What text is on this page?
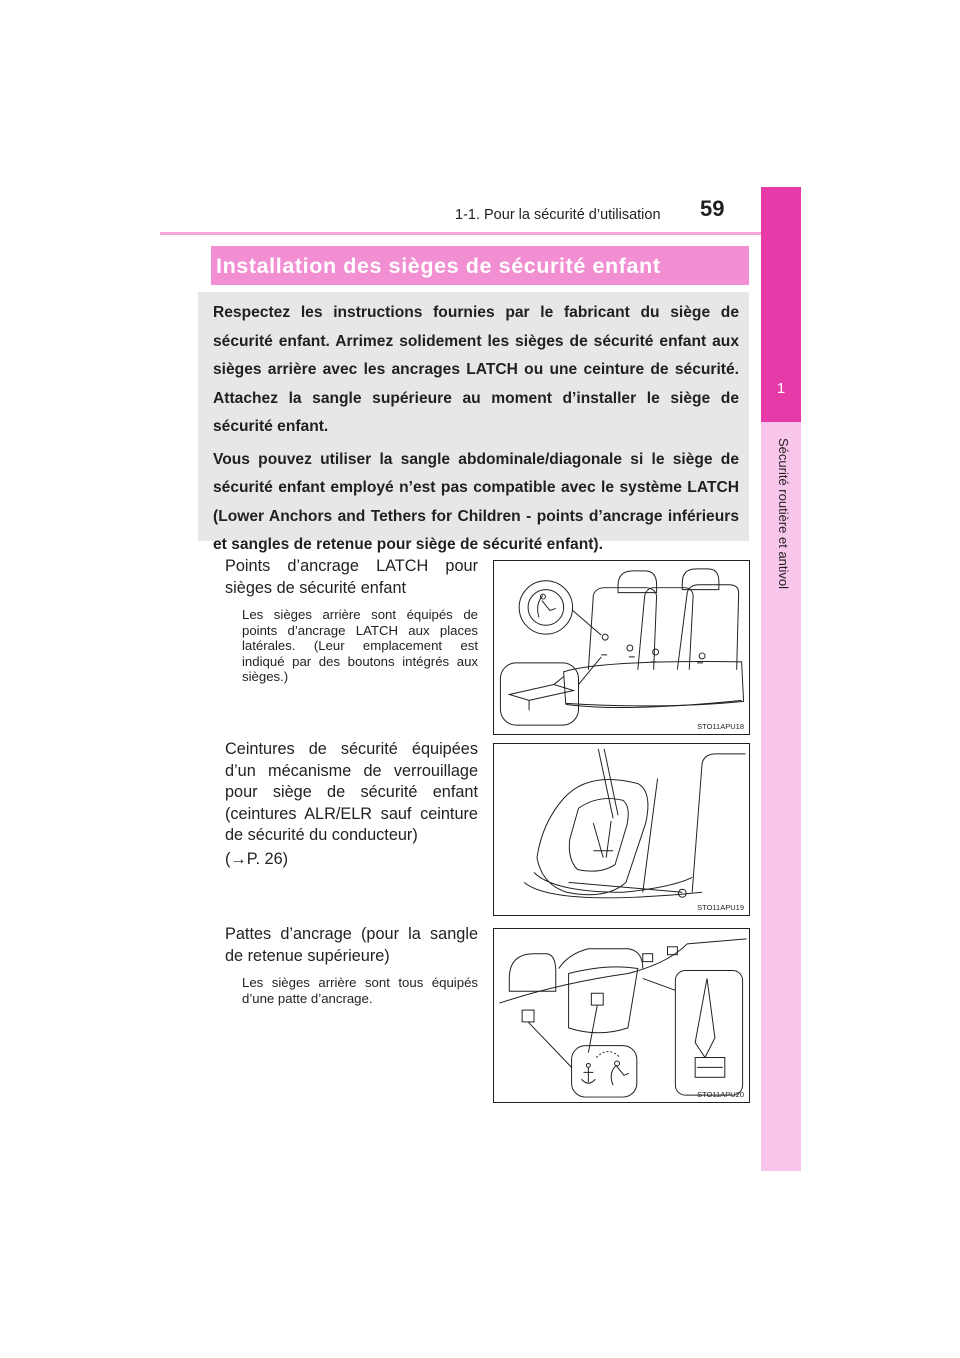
1-1. Pour la sécurité d’utilisation 59
1
Sécurité routière et antivol
Installation des sièges de sécurité enfant

Respectez les instructions fournies par le fabricant du siège de sécurité enfant. Arrimez solidement les sièges de sécurité enfant aux sièges arrière avec les ancrages LATCH ou une ceinture de sécurité. Attachez la sangle supérieure au moment d’installer le siège de sécurité enfant.

Vous pouvez utiliser la sangle abdominale/diagonale si le siège de sécurité enfant employé n’est pas compatible avec le système LATCH (Lower Anchors and Tethers for Children - points d’ancrage inférieurs et sangles de retenue pour siège de sécurité enfant).

Points d’ancrage LATCH pour sièges de sécurité enfant
Les sièges arrière sont équipés de points d’ancrage LATCH aux places latérales. (Leur emplacement est indiqué par des boutons intégrés aux sièges.)
STO11APU18
Ceintures de sécurité équipées d’un mécanisme de verrouillage pour siège de sécurité enfant (ceintures ALR/ELR sauf ceinture de sécurité du conducteur)
(→P. 26)
STO11APU19
Pattes d’ancrage (pour la sangle de retenue supérieure)
Les sièges arrière sont tous équipés d’une patte d’ancrage.
STO11APU20
